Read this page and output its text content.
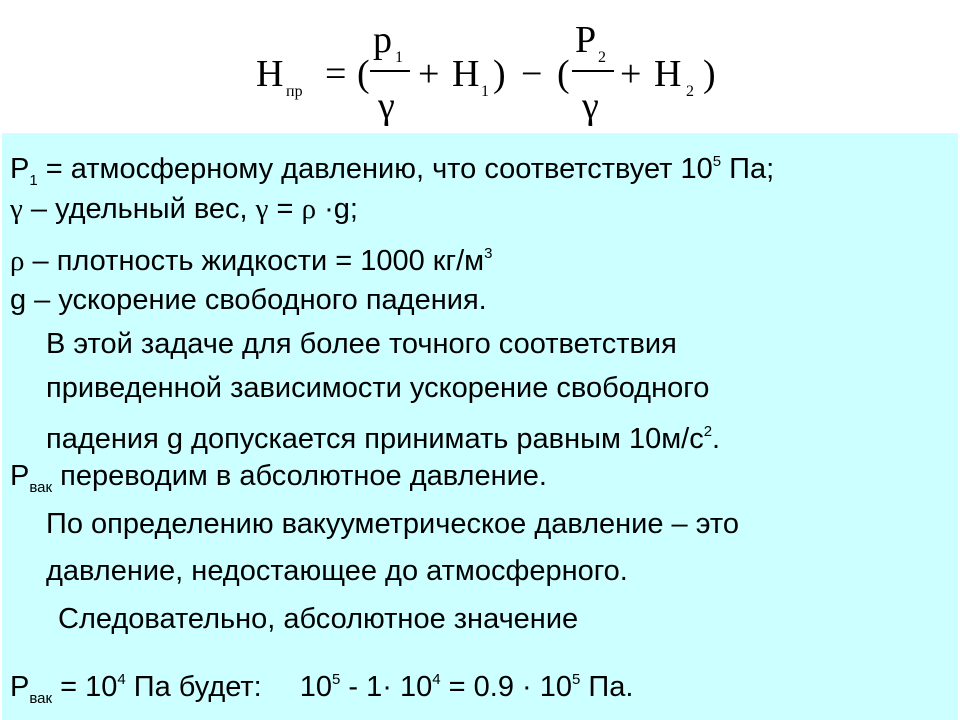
H пр = (
p 1
γ
+ H 1 ) − (
P 2
γ
+ H 2 )
$P_1$ = атмосферному давлению, что соответствует $10^5$ Па;
γ – удельный вес, γ = ρ ·g;
ρ – плотность жидкости = 1000 $кг/м^3$
g – ускорение свободного падения.
В этой задаче для более точного соответствия
приведенной зависимости ускорение свободного
падения g допускается принимать равным $10м/с^2$.
$P_{вак}$ переводим в абсолютное давление.
По определению вакууметрическое давление – это
давление, недостающее до атмосферного.
Следовательно, абсолютное значение
$P_{вак} = 10^4$ Па будет: $10^5 - 1\cdot 10^4 = 0.9 \cdot 10^5$ Па.
